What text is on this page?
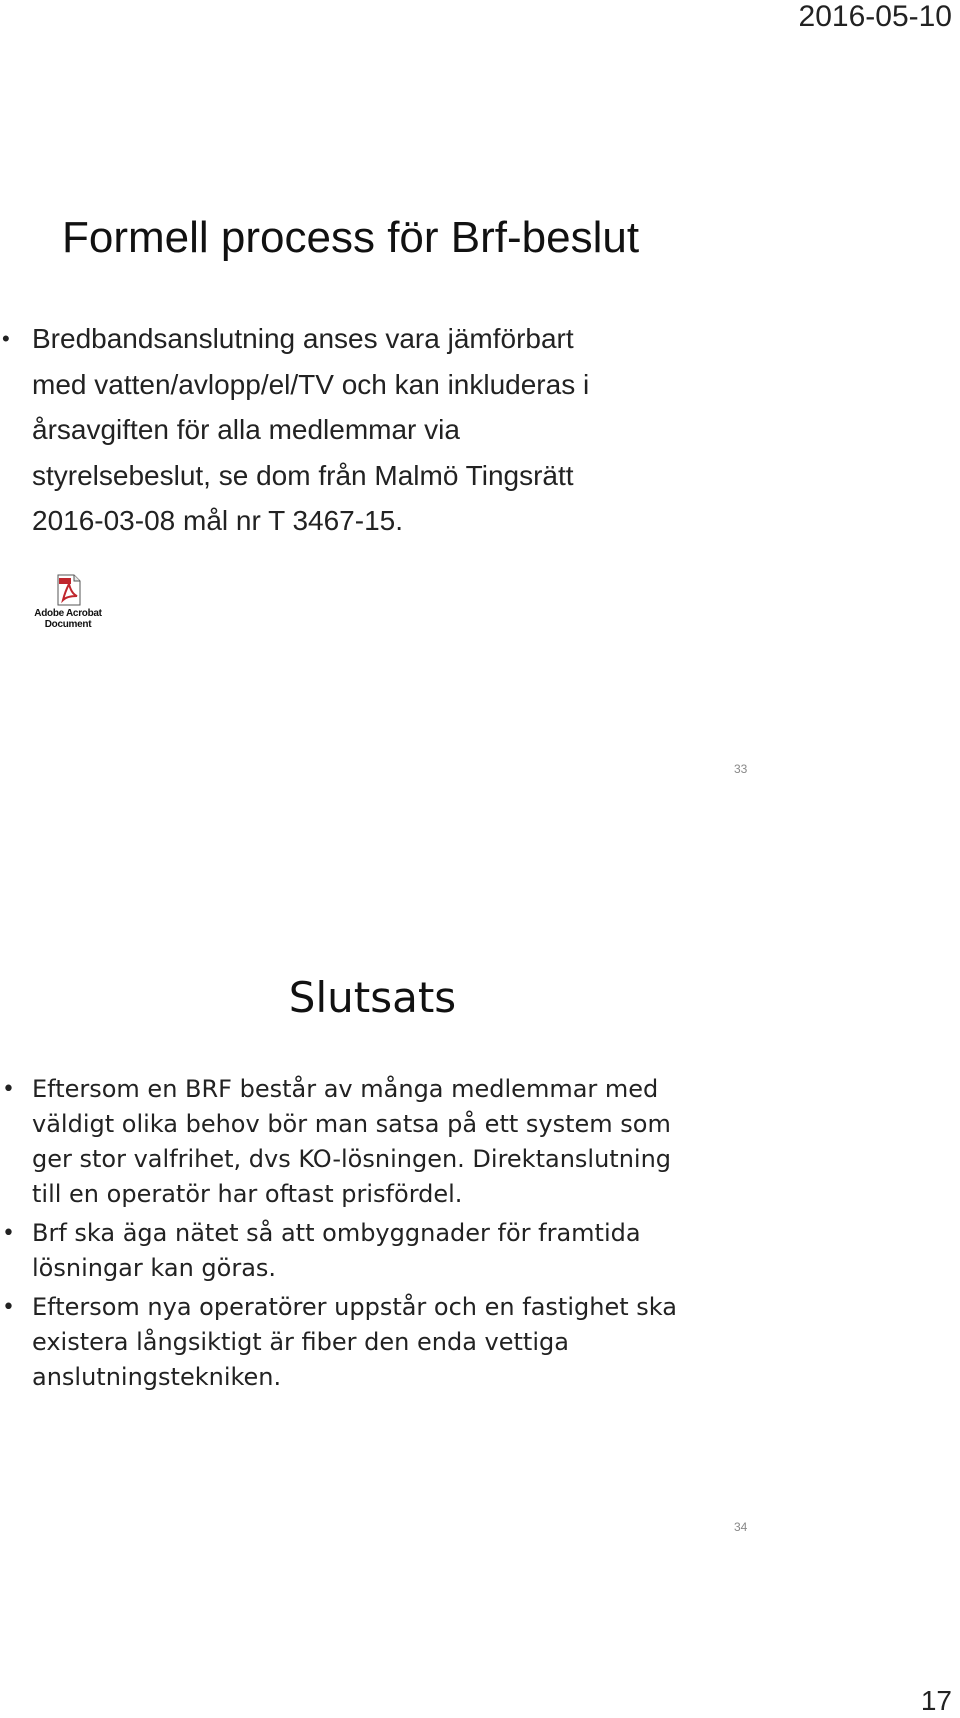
2016-05-10
Formell process för Brf-beslut
• Bredbandsanslutning anses vara jämförbart
med vatten/avlopp/el/TV och kan inkluderas i
årsavgiften för alla medlemmar via
styrelsebeslut, se dom från Malmö Tingsrätt
2016-03-08 mål nr T 3467-15.
Adobe Acrobat
Document
33
Slutsats
• Eftersom en BRF består av många medlemmar med
väldigt olika behov bör man satsa på ett system som
ger stor valfrihet, dvs KO-lösningen. Direktanslutning
till en operatör har oftast prisfördel.
• Brf ska äga nätet så att ombyggnader för framtida
lösningar kan göras.
• Eftersom nya operatörer uppstår och en fastighet ska
existera långsiktigt är fiber den enda vettiga
anslutningstekniken.
34
17
